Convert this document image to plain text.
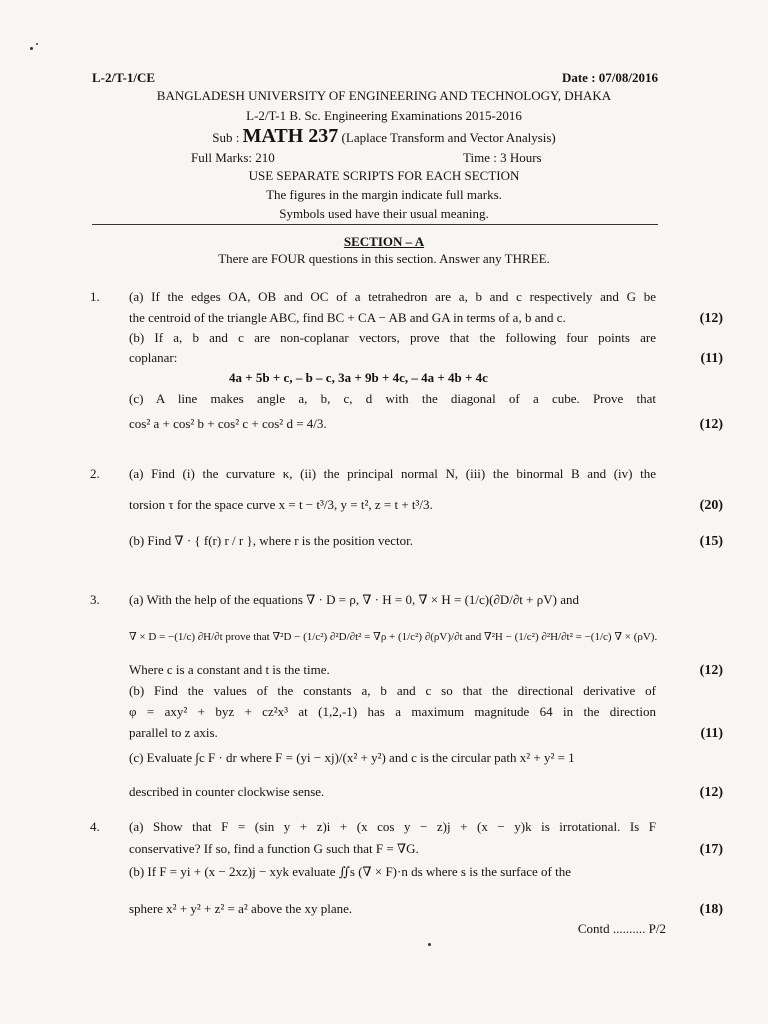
L-2/T-1/CE	Date : 07/08/2016
BANGLADESH UNIVERSITY OF ENGINEERING AND TECHNOLOGY, DHAKA
L-2/T-1 B. Sc. Engineering Examinations 2015-2016
Sub : MATH 237 (Laplace Transform and Vector Analysis)
Full Marks: 210	Time : 3 Hours
USE SEPARATE SCRIPTS FOR EACH SECTION
The figures in the margin indicate full marks.
Symbols used have their usual meaning.
SECTION – A
There are FOUR questions in this section. Answer any THREE.
1. (a) If the edges OA, OB and OC of a tetrahedron are a, b and c respectively and G be
the centroid of the triangle ABC, find BC + CA − AB and GA in terms of a, b and c.	(12)
(b) If a, b and c are non-coplanar vectors, prove that the following four points are
coplanar:	(11)
4a + 5b + c, – b – c, 3a + 9b + 4c, – 4a + 4b + 4c
(c) A line makes angle a, b, c, d with the diagonal of a cube. Prove that
cos² a + cos² b + cos² c + cos² d = 4/3.	(12)
2. (a) Find (i) the curvature κ, (ii) the principal normal N, (iii) the binormal B and (iv) the
torsion τ for the space curve x = t − t³/3, y = t², z = t + t³/3.	(20)
(b) Find ∇ · { f(r) r / r }, where r is the position vector.	(15)
3. (a) With the help of the equations ∇ · D = ρ, ∇ · H = 0, ∇ × H = (1/c)(∂D/∂t + ρV) and
∇ × D = −(1/c) ∂H/∂t prove that ∇²D − (1/c²) ∂²D/∂t² = ∇ρ + (1/c²) ∂(ρV)/∂t and ∇²H − (1/c²) ∂²H/∂t² = −(1/c) ∇ × (ρV).
Where c is a constant and t is the time.	(12)
(b) Find the values of the constants a, b and c so that the directional derivative of
φ = axy² + byz + cz²x³ at (1,2,-1) has a maximum magnitude 64 in the direction
parallel to z axis.	(11)
(c) Evaluate ∫c F · dr where F = (yi − xj)/(x² + y²) and c is the circular path x² + y² = 1
described in counter clockwise sense.	(12)
4. (a) Show that F = (sin y + z)i + (x cos y − z)j + (x − y)k is irrotational. Is F
conservative? If so, find a function G such that F = ∇G.	(17)
(b) If F = yi + (x − 2xz)j − xyk evaluate ∬s (∇ × F)·n ds where s is the surface of the
sphere x² + y² + z² = a² above the xy plane.	(18)
Contd .......... P/2
